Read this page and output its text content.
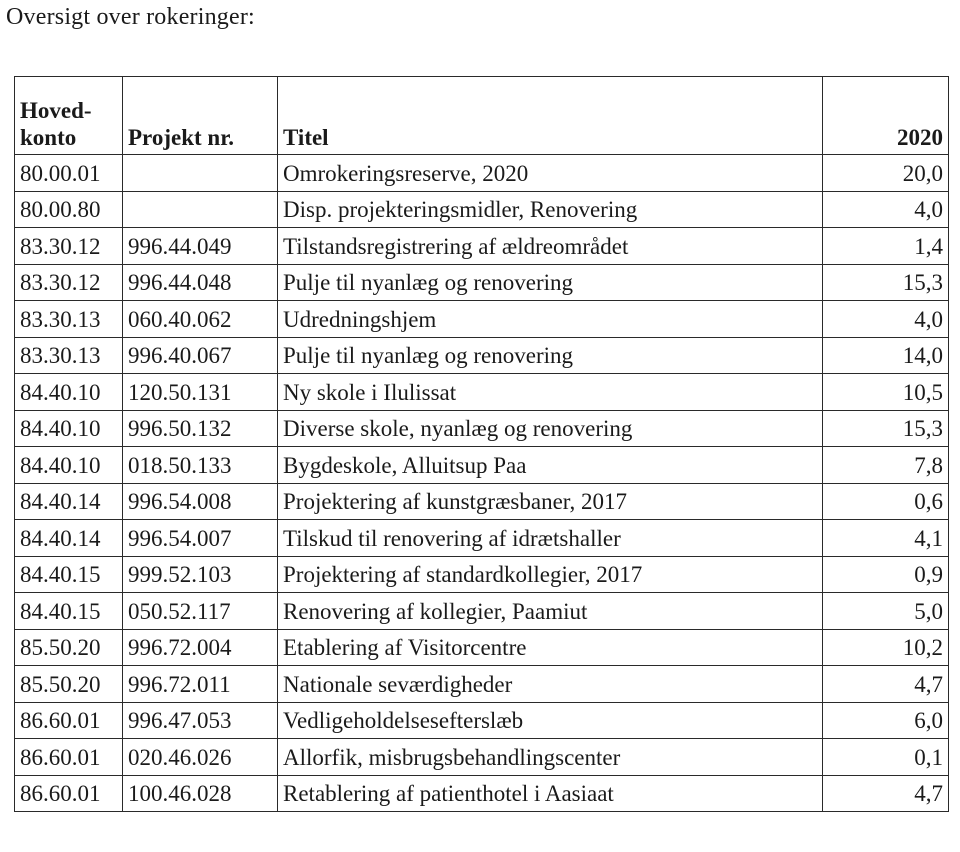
Oversigt over rokeringer:
Hoved-
konto	Projekt nr.	Titel	2020
80.00.01		Omrokeringsreserve, 2020	20,0
80.00.80		Disp. projekteringsmidler, Renovering	4,0
83.30.12	996.44.049	Tilstandsregistrering af ældreområdet	1,4
83.30.12	996.44.048	Pulje til nyanlæg og renovering	15,3
83.30.13	060.40.062	Udredningshjem	4,0
83.30.13	996.40.067	Pulje til nyanlæg og renovering	14,0
84.40.10	120.50.131	Ny skole i Ilulissat	10,5
84.40.10	996.50.132	Diverse skole, nyanlæg og renovering	15,3
84.40.10	018.50.133	Bygdeskole, Alluitsup Paa	7,8
84.40.14	996.54.008	Projektering af kunstgræsbaner, 2017	0,6
84.40.14	996.54.007	Tilskud til renovering af idrætshaller	4,1
84.40.15	999.52.103	Projektering af standardkollegier, 2017	0,9
84.40.15	050.52.117	Renovering af kollegier, Paamiut	5,0
85.50.20	996.72.004	Etablering af Visitorcentre	10,2
85.50.20	996.72.011	Nationale seværdigheder	4,7
86.60.01	996.47.053	Vedligeholdelsesefterslæb	6,0
86.60.01	020.46.026	Allorfik, misbrugsbehandlingscenter	0,1
86.60.01	100.46.028	Retablering af patienthotel i Aasiaat	4,7
